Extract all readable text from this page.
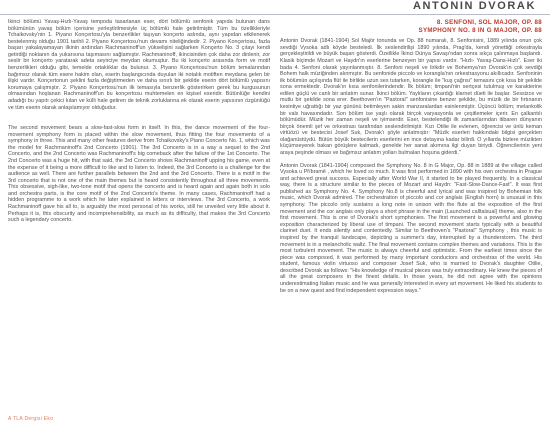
ANTONIN DVORAK

İkinci bölümü Yavaş-Hızlı-Yavaş tempoda tasarlanan eser, dört bölümlü senfonik yapıda bulunan dans bölümünün yavaş bölüm içerisine yerleştirilmesiyle üç bölümlü hale getirilmiştir. Tüm bu özellikleriyle Tchaikovsky'nin 1. Piyano Konçertosu'yla benzerlikler taşıyan konçerto aslında, aynı yapıdan etkilenerek bestelenmiş olduğu 1901 tarihli 2. Piyano Konçertosu'nun devamı niteliğindedir. 2. Piyano Konçertosu, fazla başarı yakalayamayan ilkinin ardından Rachmaninoff'un yükselişini sağlarken Konçerto No. 3 çıtayı kendi getirdiği noktanın da yukarısına taşımasını sağlamıştır. Rachmaninoff, ikincisinden çok daha zor dinlenir, zor seslir bir konçerto yaratarak adeta seyirciye meydan okumuştur. Bu iki konçerto arasında form ve motif benzerlikleri olduğu gibi, temelde ortaklıklar da bulunur. 3. Piyano Konçertosu'nun bölüm temalarından bağımsız olarak tüm esere hakim olan, eserin başlangıcında duyulan iki notalık motiften meydana gelen bir ilişki vardır. Konçertonun şeklini fazla değiştirmeden ve daha sınırlı bir şekilde eserin dört bölümlü yapısını korumaya çalışmıştır. 2. Piyano Konçertosu'nun ilk temasıyla benzerlik gösterirken gerek bu kurgusunun olmasından hoşlanan Rachmaninoff'un bu konçertosu muhtemelen en kişisel eseridir. Bütünlüğe kendini adadığı bu yapıtı çekici kılan ve külli hale getiren de teknik zorluklarına ek olarak eserin yapısının özgünlüğü ve tüm eserin olarak anlaşılamıyor olduğudur.

The second movement bears a slow-fast-slow form in itself. In this, the dance movement of the four-movement symphony form is placed within the slow movement, thus fitting the four movements of a symphony in three. This and many other features derive from Tchaikovsky's Piano Concerto No. 1, which was the model for Rachmaninoff's 2nd Concerto (1901). The 3rd Concerto is in a way a sequel to the 2nd Concerto, and the 2nd Concerto was Rachmaninoff's big comeback after the failure of the 1st Concerto. The 2nd Concerto was a huge hit, with that said, the 3rd Concerto shows Rachmaninoff upping his game, even at the expense of it being a more difficult to like and to listen to. Indeed, the 3rd Concerto is a challenge for the audience as well. There are further parallels between the 2nd and the 3rd Concerto. There is a motif in the 3rd concerto that is not one of the main themes but is heard consistently throughout all three movements. This obsessive, sigh-like, two-tone motif that opens the concerto and is heard again and again both in solo and orchestra parts, is the core motif of the 2nd Concerto's theme. In many cases, Rachmaninoff had a hidden programme to a work which he later explained in letters or interviews. The 3rd Concerto, a work Rachmaninoff gave his all to, is arguably the most personal of his works, still he unveiled very little about it. Perhaps it is, this obscurity and incomprehensibility, as much as its difficulty, that makes the 3rd Concerto such a legendary concerto.

8. SENFONİ, SOL MAJÖR, OP. 88

SYMPHONY NO. 8 IN G MAJOR, OP. 88

Antonin Dvorak (1841-1904) Sol Majör tonunda ve Op. 88 numaralı, 8. Senfonisini, 1889 yılında onun çok sevdiği Vysoka adlı köyde besteledi. İlk seslendirilişi 1890 yılında, Prag'da, kendi yönettiği orkestrayla gerçekleştirildi ve büyük başarı gösterdi. Özellikle İkinci Dünya Savaşı'ndan sonra sıkça çalınmaya başlandı. Klasik biçimde Mozart ve Haydn'ın eserlerine benzeyen bir yapısı vardır. "Hızlı- Yavaş-Dans-Hızlı". Eser iki bada 4. Senfoni olarak yayınlanmıştır. 8. Senfoni neşeli ve lirikdir ve Bohemya'nın Dvorak'ın çok sevdiği Bohem halk müziğinden alınmıştır. Bu senfonide piccolo ve korangla'nın orkestrasyonu akıllıcadır. Senfoninin ilk bölümün açılışında flüt ile birlikte uzun ses tutarken, korangle ile "kuş çağrısı" temasını çok kısa bir şekilde sona ermektedir. Dvorak'ın kısa senfonilerindendir. İlk bölüm; timpani'nin sertçesi tutulmuş ve karakterine edilen güçlü ve canlı bir anlatım sunar. İkinci bölüm. Yaylıların çıkardığı klarnet düeti ile başlar. Sessizce ve mutlu bir şekilde sona erer. Beethoven'ın "Pastoral" senfonisine benzer şekilde, bu müzik de bir fırtınanın kesintiye uğrattığı bir yaz gününü betimleyen sakin manzaralardan esinlenmiştir. Üçüncü bölüm; melankolik bir vals havasındadır. Son bölüm ise yaşlı olarak birçok varyasyonla ve çeşitlemeler içerir. En çalkantılı bölümüdür. Müzik her zaman neşeli ve iyimserdir. Eser, bestelendiği ilk zamanlarından itibaren dünyanın birçok önemli şef ve orkestrası tarafından seslendirilmiştir. Kızı Otilie ile evlenen, öğrencisi ve ünlü keman virtüözü ve bestecisi Josef Suk, Dvorak'ı şöyle anlatmıştır: "Müzik eserleri hakkındaki bilgisi gerçekten olağanüstüydü. Bütün büyük bestecilerin eserlerini en ince detayına kadar bilirdi. O yıllarda bizlere müzikten küçümseyerek bakan görüşlere kalmadı, genelde her sanat akımına ilgi duyan biriydi. Öğrencilerinin yeni araya peşinde olması ve bağımsız anlatım yolları bulmaları hoşuna giderdi."

Antonin Dvorak (1841-1904) composed the Symphony No. 8 in G Major, Op. 88 in 1889 at the village called Vysoka u Příbramě , which he loved so much. It was first performed in 1890 with his own orchestra in Prague and achieved great success. Especially after World War II, it started to be played frequently. In a classical way, there is a structure similar to the pieces of Mozart and Haydn: "Fast-Slow-Dance-Fast". It was first published as Symphony No. 4. Symphony No.8 is cheerful and lyrical and was inspired by Bohemian folk music, which Dvorak admired. The orchestration of piccolo and cor anglais (English horn) is unusual in this symphony. The piccolo only sustains a long note in unison with the flute at the exposition of the first movement and the cor anglais only plays a short phrase in the main (Launched calltalsual) theme, also in the first movement. This is one of Dvorak's short symphonies. The first movement is a powerful and glowing exposition characterized by liberal use of timpani. The second movement starts typically with a beautiful clarinet duet. It ends silently and contentedly. Similar to Beethoven's "Pastoral" Symphony , this music is inspired by the tranquil landscape, depicting a summer's day, interrupted by a thunderstorm. The third movement is in a melancholic waltz. The final movement contains complex themes and variations. This is the most turbulent movement. The music is always cheerful and optimistic. From the earliest times since the piece was composed, it was performed by many important conductors and orchestras of the world. His student, famous violin virtuoso and composer Josef Suk, who is married to Dvorak's daughter Otilie, described Dvorak as follows: "His knowledge of musical pieces was truly extraordinary. He knew the pieces of all the great composers in the finest details. In those years, he did not agree with the opinions underestimating Italian music and he was generally interested in every art movement. He liked his students to be on a new quest and find independent expression ways."

A TLA Dergisi Eko
